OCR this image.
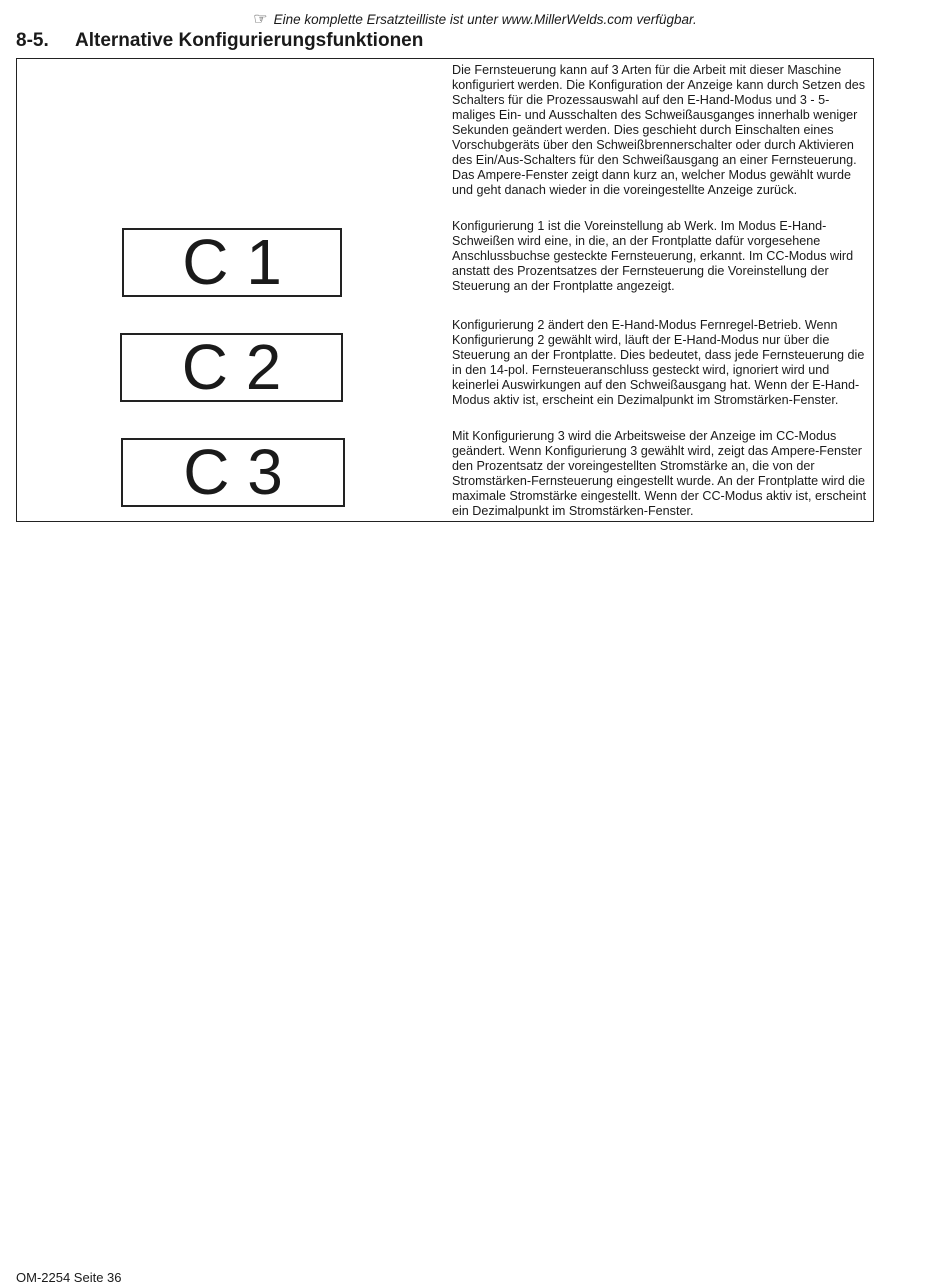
☞ Eine komplette Ersatzteilliste ist unter www.MillerWelds.com verfügbar.
8-5. Alternative Konfigurierungsfunktionen
C 1
C 2
C 3

Die Fernsteuerung kann auf 3 Arten für die Arbeit mit dieser Maschine konfiguriert werden. Die Konfiguration der Anzeige kann durch Setzen des Schalters für die Prozessauswahl auf den E-Hand-Modus und 3 - 5-maliges Ein- und Ausschalten des Schweißausganges innerhalb weniger Sekunden geändert werden. Dies geschieht durch Einschalten eines Vorschubgeräts über den Schweißbrennerschalter oder durch Aktivieren des Ein/Aus-Schalters für den Schweißausgang an einer Fernsteuerung. Das Ampere-Fenster zeigt dann kurz an, welcher Modus gewählt wurde und geht danach wieder in die voreingestellte Anzeige zurück.

Konfigurierung 1 ist die Voreinstellung ab Werk. Im Modus E-Hand-Schweißen wird eine, in die, an der Frontplatte dafür vorgesehene Anschlussbuchse gesteckte Fernsteuerung, erkannt. Im CC-Modus wird anstatt des Prozentsatzes der Fernsteuerung die Voreinstellung der Steuerung an der Frontplatte angezeigt.

Konfigurierung 2 ändert den E-Hand-Modus Fernregel-Betrieb. Wenn Konfigurierung 2 gewählt wird, läuft der E-Hand-Modus nur über die Steuerung an der Frontplatte. Dies bedeutet, dass jede Fernsteuerung die in den 14-pol. Fernsteueranschluss gesteckt wird, ignoriert wird und keinerlei Auswirkungen auf den Schweißausgang hat. Wenn der E-Hand-Modus aktiv ist, erscheint ein Dezimalpunkt im Stromstärken-Fenster.

Mit Konfigurierung 3 wird die Arbeitsweise der Anzeige im CC-Modus geändert. Wenn Konfigurierung 3 gewählt wird, zeigt das Ampere-Fenster den Prozentsatz der voreingestellten Stromstärke an, die von der Stromstärken-Fernsteuerung eingestellt wurde. An der Frontplatte wird die maximale Stromstärke eingestellt. Wenn der CC-Modus aktiv ist, erscheint ein Dezimalpunkt im Stromstärken-Fenster.

OM-2254 Seite 36
